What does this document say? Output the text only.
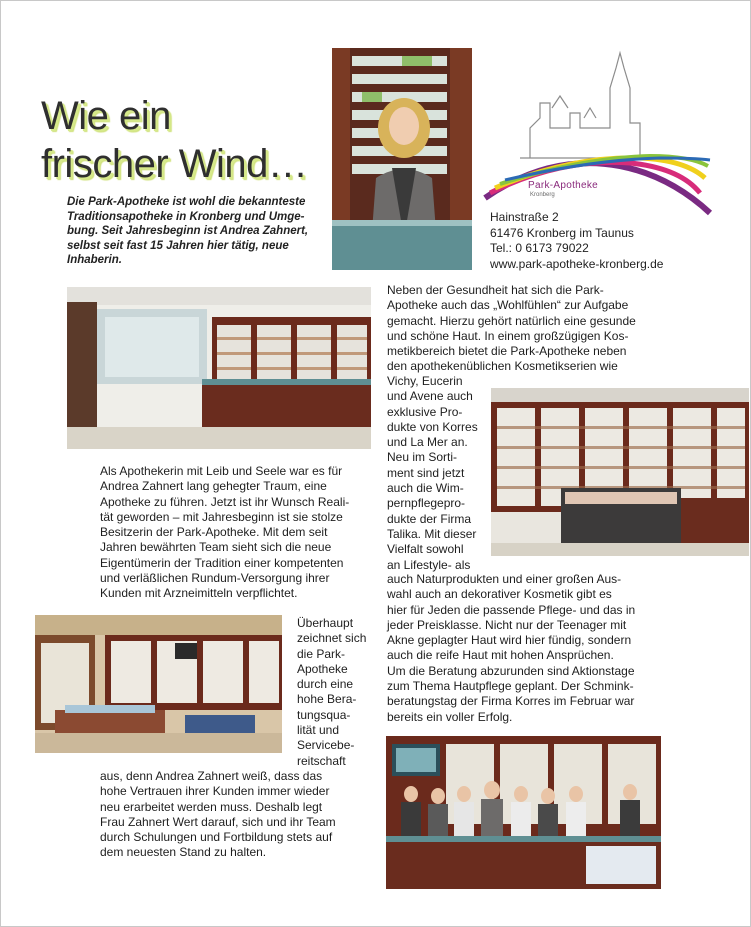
Wie ein
frischer Wind…
Die Park-Apotheke ist wohl die bekannteste
Traditionsapotheke in Kronberg und Umge-
bung. Seit Jahresbeginn ist Andrea Zahnert,
selbst seit fast 15 Jahren hier tätig, neue
Inhaberin.
Park-Apotheke
Kronberg
Hainstraße 2
61476 Kronberg im Taunus
Tel.: 0 6173 79022
www.park-apotheke-kronberg.de
Neben der Gesundheit hat sich die Park-
Apotheke auch das „Wohlfühlen“ zur Aufgabe
gemacht. Hierzu gehört natürlich eine gesunde
und schöne Haut. In einem großzügigen Kos-
metikbereich bietet die Park-Apotheke neben
den apothekenüblichen Kosmetikserien wie
Vichy, Eucerin
und Avene auch
exklusive Pro-
dukte von Korres
und La Mer an.
Neu im Sorti-
ment sind jetzt
auch die Wim-
pernpflegepro-
dukte der Firma
Talika. Mit dieser
Vielfalt sowohl
an Lifestyle- als
Als Apothekerin mit Leib und Seele war es für
Andrea Zahnert lang gehegter Traum, eine
Apotheke zu führen. Jetzt ist ihr Wunsch Reali-
tät geworden – mit Jahresbeginn ist sie stolze
Besitzerin der Park-Apotheke. Mit dem seit
Jahren bewährten Team sieht sich die neue
Eigentümerin der Tradition einer kompetenten
und verläßlichen Rundum-Versorgung ihrer
Kunden mit Arzneimitteln verpflichtet.
auch Naturprodukten und einer großen Aus-
wahl auch an dekorativer Kosmetik gibt es
hier für Jeden die passende Pflege- und das in
jeder Preisklasse. Nicht nur der Teenager mit
Akne geplagter Haut wird hier fündig, sondern
auch die reife Haut mit hohen Ansprüchen.
Um die Beratung abzurunden sind Aktionstage
zum Thema Hautpflege geplant. Der Schmink-
beratungstag der Firma Korres im Februar war
bereits ein voller Erfolg.
Überhaupt
zeichnet sich
die Park-
Apotheke
durch eine
hohe Bera-
tungsqua-
lität und
Servicebe-
reitschaft
aus, denn Andrea Zahnert weiß, dass das
hohe Vertrauen ihrer Kunden immer wieder
neu erarbeitet werden muss. Deshalb legt
Frau Zahnert Wert darauf, sich und ihr Team
durch Schulungen und Fortbildung stets auf
dem neuesten Stand zu halten.
